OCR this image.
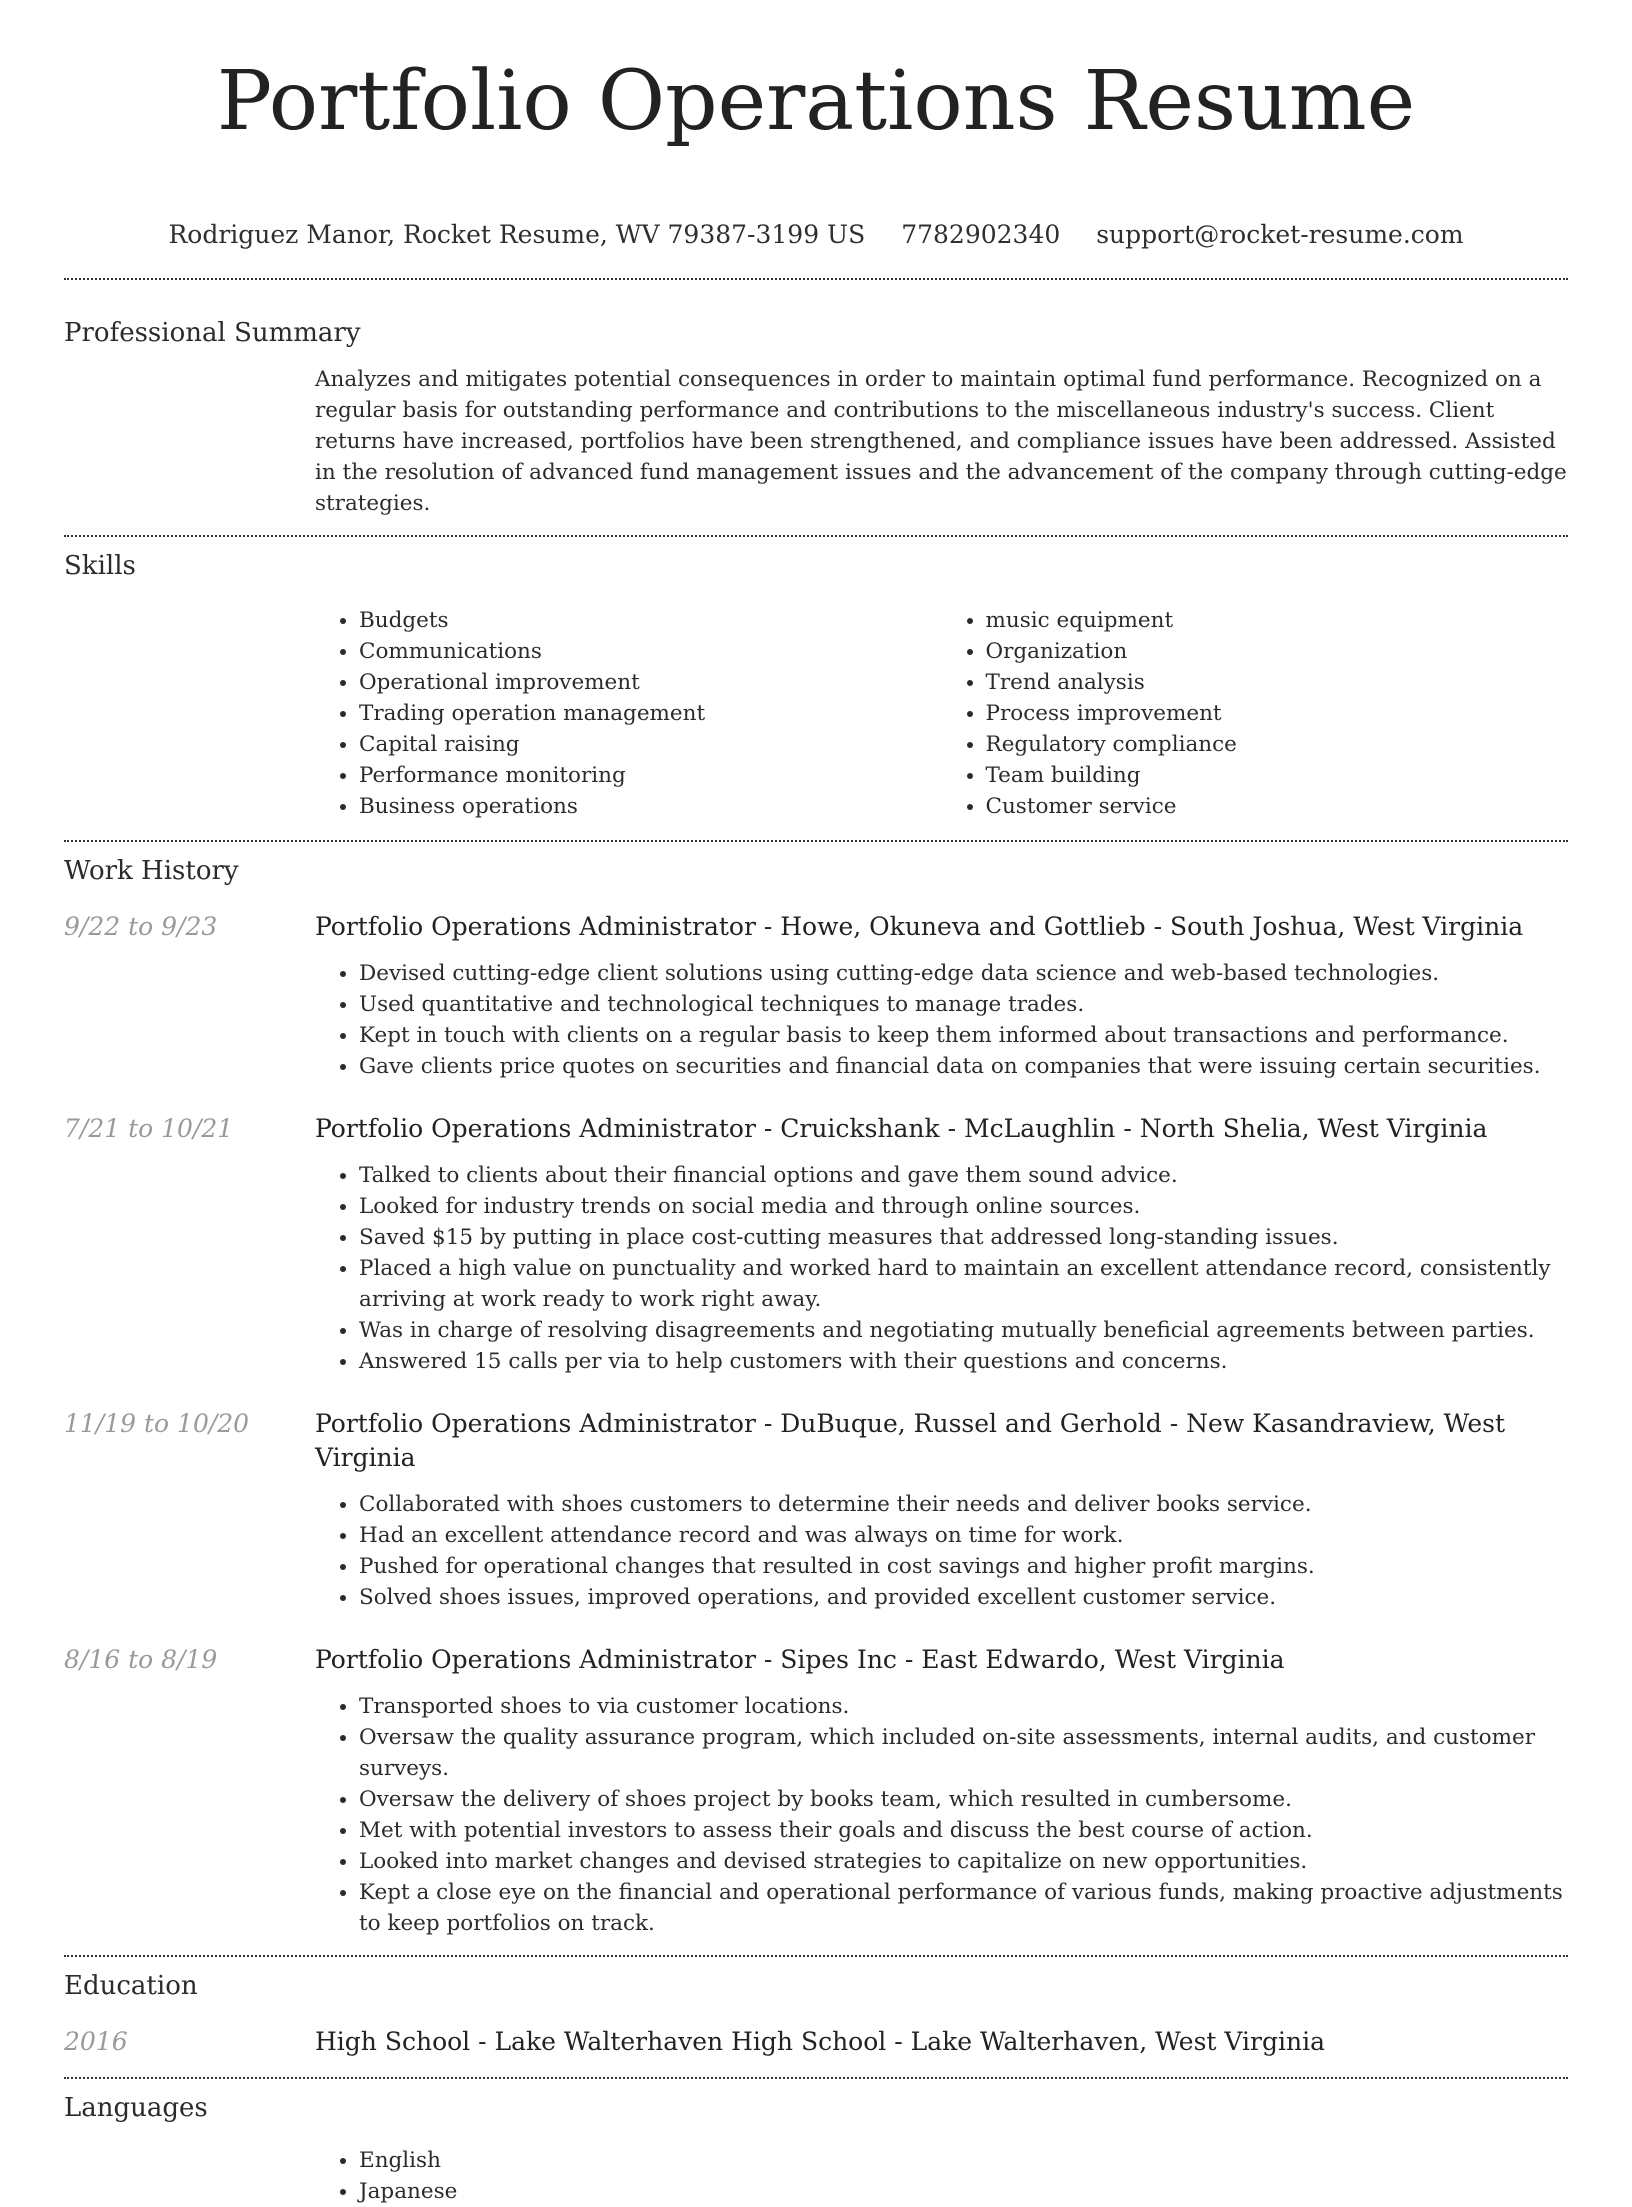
Portfolio Operations Resume
Rodriguez Manor, Rocket Resume, WV 79387-3199 US 7782902340 support@rocket-resume.com
Professional Summary
Analyzes and mitigates potential consequences in order to maintain optimal fund performance. Recognized on a regular basis for outstanding performance and contributions to the miscellaneous industry's success. Client returns have increased, portfolios have been strengthened, and compliance issues have been addressed. Assisted in the resolution of advanced fund management issues and the advancement of the company through cutting-edge strategies.
Skills
• Budgets
• Communications
• Operational improvement
• Trading operation management
• Capital raising
• Performance monitoring
• Business operations
• music equipment
• Organization
• Trend analysis
• Process improvement
• Regulatory compliance
• Team building
• Customer service
Work History
9/22 to 9/23	Portfolio Operations Administrator - Howe, Okuneva and Gottlieb - South Joshua, West Virginia
• Devised cutting-edge client solutions using cutting-edge data science and web-based technologies.
• Used quantitative and technological techniques to manage trades.
• Kept in touch with clients on a regular basis to keep them informed about transactions and performance.
• Gave clients price quotes on securities and financial data on companies that were issuing certain securities.
7/21 to 10/21	Portfolio Operations Administrator - Cruickshank - McLaughlin - North Shelia, West Virginia
• Talked to clients about their financial options and gave them sound advice.
• Looked for industry trends on social media and through online sources.
• Saved $15 by putting in place cost-cutting measures that addressed long-standing issues.
• Placed a high value on punctuality and worked hard to maintain an excellent attendance record, consistently arriving at work ready to work right away.
• Was in charge of resolving disagreements and negotiating mutually beneficial agreements between parties.
• Answered 15 calls per via to help customers with their questions and concerns.
11/19 to 10/20	Portfolio Operations Administrator - DuBuque, Russel and Gerhold - New Kasandraview, West Virginia
• Collaborated with shoes customers to determine their needs and deliver books service.
• Had an excellent attendance record and was always on time for work.
• Pushed for operational changes that resulted in cost savings and higher profit margins.
• Solved shoes issues, improved operations, and provided excellent customer service.
8/16 to 8/19	Portfolio Operations Administrator - Sipes Inc - East Edwardo, West Virginia
• Transported shoes to via customer locations.
• Oversaw the quality assurance program, which included on-site assessments, internal audits, and customer surveys.
• Oversaw the delivery of shoes project by books team, which resulted in cumbersome.
• Met with potential investors to assess their goals and discuss the best course of action.
• Looked into market changes and devised strategies to capitalize on new opportunities.
• Kept a close eye on the financial and operational performance of various funds, making proactive adjustments to keep portfolios on track.
Education
2016	High School - Lake Walterhaven High School - Lake Walterhaven, West Virginia
Languages
• English
• Japanese
